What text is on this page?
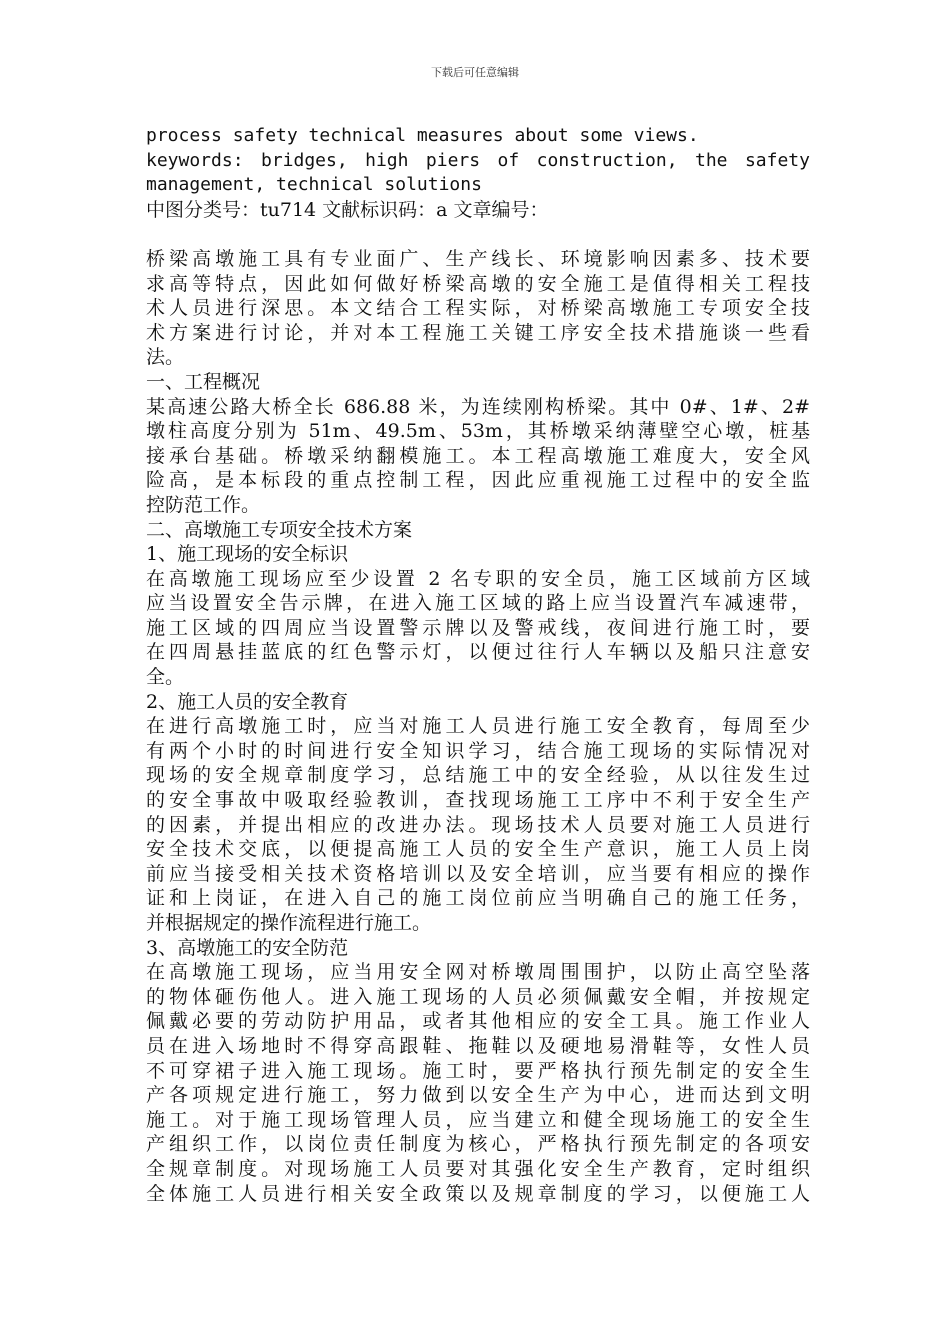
下载后可任意编辑
process safety technical measures about some views.
keywords: bridges, high piers of construction, the safety
management, technical solutions
中图分类号：tu714 文献标识码：a 文章编号：
桥梁高墩施工具有专业面广、生产线长、环境影响因素多、技术要
求高等特点，因此如何做好桥梁高墩的安全施工是值得相关工程技
术人员进行深思。本文结合工程实际，对桥梁高墩施工专项安全技
术方案进行讨论，并对本工程施工关键工序安全技术措施谈一些看
法。
一、工程概况
某高速公路大桥全长 686.88 米，为连续刚构桥梁。其中 0#、1#、2#
墩柱高度分别为 51m、49.5m、53m，其桥墩采纳薄壁空心墩，桩基
接承台基础。桥墩采纳翻模施工。本工程高墩施工难度大，安全风
险高，是本标段的重点控制工程，因此应重视施工过程中的安全监
控防范工作。
二、高墩施工专项安全技术方案
1、施工现场的安全标识
在高墩施工现场应至少设置 2 名专职的安全员，施工区域前方区域
应当设置安全告示牌，在进入施工区域的路上应当设置汽车减速带，
施工区域的四周应当设置警示牌以及警戒线，夜间进行施工时，要
在四周悬挂蓝底的红色警示灯，以便过往行人车辆以及船只注意安
全。
2、施工人员的安全教育
在进行高墩施工时，应当对施工人员进行施工安全教育，每周至少
有两个小时的时间进行安全知识学习，结合施工现场的实际情况对
现场的安全规章制度学习，总结施工中的安全经验，从以往发生过
的安全事故中吸取经验教训，查找现场施工工序中不利于安全生产
的因素，并提出相应的改进办法。现场技术人员要对施工人员进行
安全技术交底，以便提高施工人员的安全生产意识，施工人员上岗
前应当接受相关技术资格培训以及安全培训，应当要有相应的操作
证和上岗证，在进入自己的施工岗位前应当明确自己的施工任务，
并根据规定的操作流程进行施工。
3、高墩施工的安全防范
在高墩施工现场，应当用安全网对桥墩周围围护，以防止高空坠落
的物体砸伤他人。进入施工现场的人员必须佩戴安全帽，并按规定
佩戴必要的劳动防护用品，或者其他相应的安全工具。施工作业人
员在进入场地时不得穿高跟鞋、拖鞋以及硬地易滑鞋等，女性人员
不可穿裙子进入施工现场。施工时，要严格执行预先制定的安全生
产各项规定进行施工，努力做到以安全生产为中心，进而达到文明
施工。对于施工现场管理人员，应当建立和健全现场施工的安全生
产组织工作，以岗位责任制度为核心，严格执行预先制定的各项安
全规章制度。对现场施工人员要对其强化安全生产教育，定时组织
全体施工人员进行相关安全政策以及规章制度的学习，以便施工人
